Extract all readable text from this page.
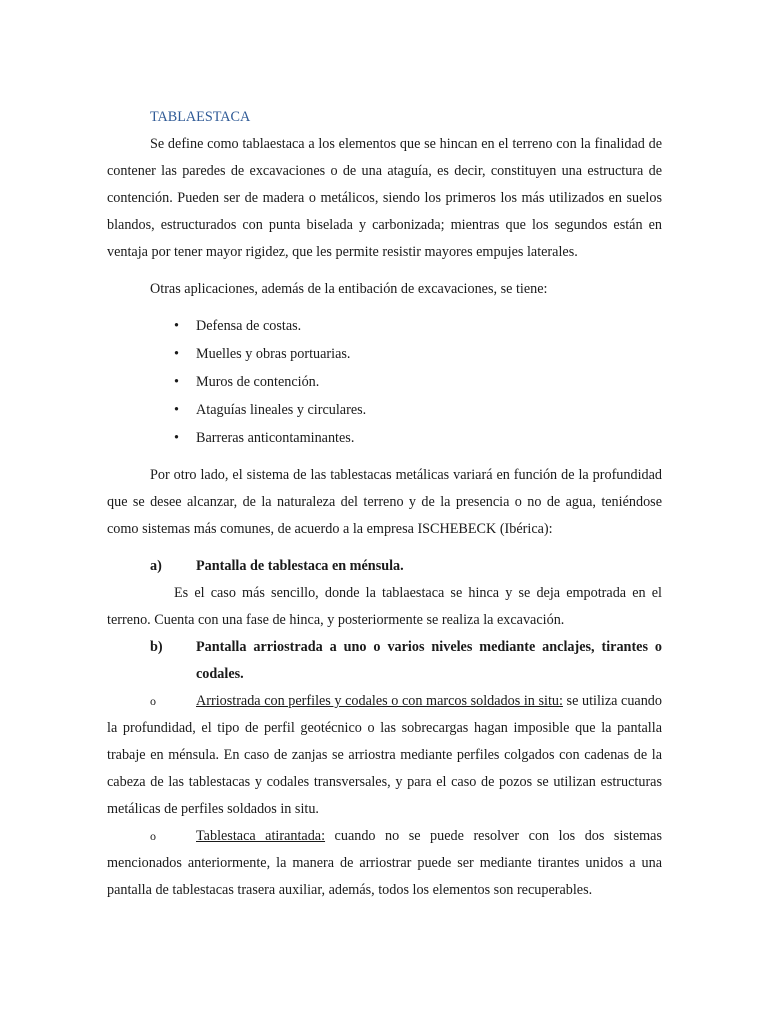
TABLAESTACA

Se define como tablaestaca a los elementos que se hincan en el terreno con la finalidad de contener las paredes de excavaciones o de una ataguía, es decir, constituyen una estructura de contención. Pueden ser de madera o metálicos, siendo los primeros los más utilizados en suelos blandos, estructurados con punta biselada y carbonizada; mientras que los segundos están en ventaja por tener mayor rigidez, que les permite resistir mayores empujes laterales.

Otras aplicaciones, además de la entibación de excavaciones, se tiene:

• Defensa de costas.
• Muelles y obras portuarias.
• Muros de contención.
• Ataguías lineales y circulares.
• Barreras anticontaminantes.

Por otro lado, el sistema de las tablestacas metálicas variará en función de la profundidad que se desee alcanzar, de la naturaleza del terreno y de la presencia o no de agua, teniéndose como sistemas más comunes, de acuerdo a la empresa ISCHEBECK (Ibérica):

a) Pantalla de tablestaca en ménsula.

Es el caso más sencillo, donde la tablaestaca se hinca y se deja empotrada en el terreno. Cuenta con una fase de hinca, y posteriormente se realiza la excavación.

b) Pantalla arriostrada a uno o varios niveles mediante anclajes, tirantes o codales.

o	Arriostrada con perfiles y codales o con marcos soldados in situ: se utiliza cuando la profundidad, el tipo de perfil geotécnico o las sobrecargas hagan imposible que la pantalla trabaje en ménsula. En caso de zanjas se arriostra mediante perfiles colgados con cadenas de la cabeza de las tablestacas y codales transversales, y para el caso de pozos se utilizan estructuras metálicas de perfiles soldados in situ.

o	Tablestaca atirantada: cuando no se puede resolver con los dos sistemas mencionados anteriormente, la manera de arriostrar puede ser mediante tirantes unidos a una pantalla de tablestacas trasera auxiliar, además, todos los elementos son recuperables.
